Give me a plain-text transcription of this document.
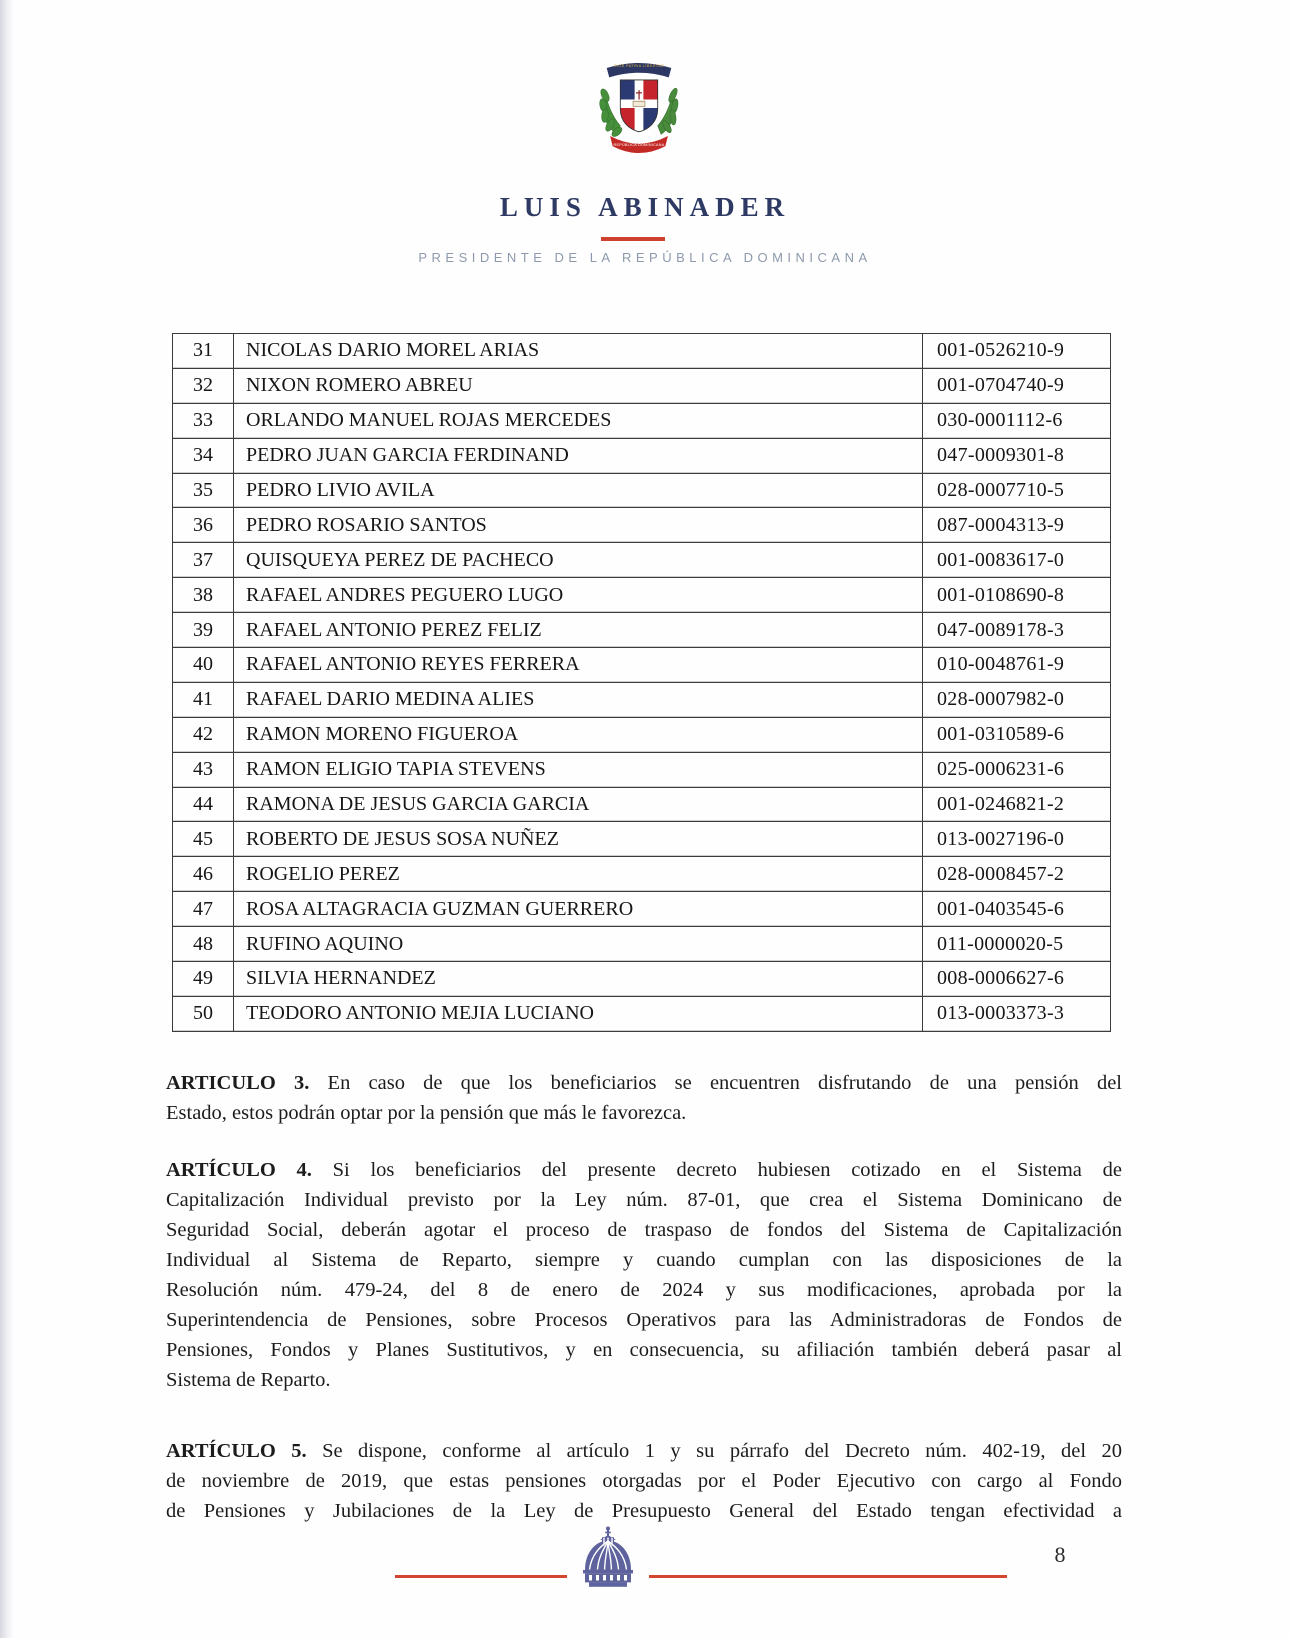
DIOS PATRIA LIBERTAD
REPÚBLICA DOMINICANA
LUIS ABINADER
PRESIDENTE DE LA REPÚBLICA DOMINICANA
31	NICOLAS DARIO MOREL ARIAS	001-0526210-9
32	NIXON ROMERO ABREU	001-0704740-9
33	ORLANDO MANUEL ROJAS MERCEDES	030-0001112-6
34	PEDRO JUAN GARCIA FERDINAND	047-0009301-8
35	PEDRO LIVIO AVILA	028-0007710-5
36	PEDRO ROSARIO SANTOS	087-0004313-9
37	QUISQUEYA PEREZ DE PACHECO	001-0083617-0
38	RAFAEL ANDRES PEGUERO LUGO	001-0108690-8
39	RAFAEL ANTONIO PEREZ FELIZ	047-0089178-3
40	RAFAEL ANTONIO REYES FERRERA	010-0048761-9
41	RAFAEL DARIO MEDINA ALIES	028-0007982-0
42	RAMON MORENO FIGUEROA	001-0310589-6
43	RAMON ELIGIO TAPIA STEVENS	025-0006231-6
44	RAMONA DE JESUS GARCIA GARCIA	001-0246821-2
45	ROBERTO DE JESUS SOSA NUÑEZ	013-0027196-0
46	ROGELIO PEREZ	028-0008457-2
47	ROSA ALTAGRACIA GUZMAN GUERRERO	001-0403545-6
48	RUFINO AQUINO	011-0000020-5
49	SILVIA HERNANDEZ	008-0006627-6
50	TEODORO ANTONIO MEJIA LUCIANO	013-0003373-3
ARTICULO 3. En caso de que los beneficiarios se encuentren disfrutando de una pensión del
Estado, estos podrán optar por la pensión que más le favorezca.
ARTÍCULO 4. Si los beneficiarios del presente decreto hubiesen cotizado en el Sistema de
Capitalización Individual previsto por la Ley núm. 87-01, que crea el Sistema Dominicano de
Seguridad Social, deberán agotar el proceso de traspaso de fondos del Sistema de Capitalización
Individual al Sistema de Reparto, siempre y cuando cumplan con las disposiciones de la
Resolución núm. 479-24, del 8 de enero de 2024 y sus modificaciones, aprobada por la
Superintendencia de Pensiones, sobre Procesos Operativos para las Administradoras de Fondos de
Pensiones, Fondos y Planes Sustitutivos, y en consecuencia, su afiliación también deberá pasar al
Sistema de Reparto.
ARTÍCULO 5. Se dispone, conforme al artículo 1 y su párrafo del Decreto núm. 402-19, del 20
de noviembre de 2019, que estas pensiones otorgadas por el Poder Ejecutivo con cargo al Fondo
de Pensiones y Jubilaciones de la Ley de Presupuesto General del Estado tengan efectividad a
8
